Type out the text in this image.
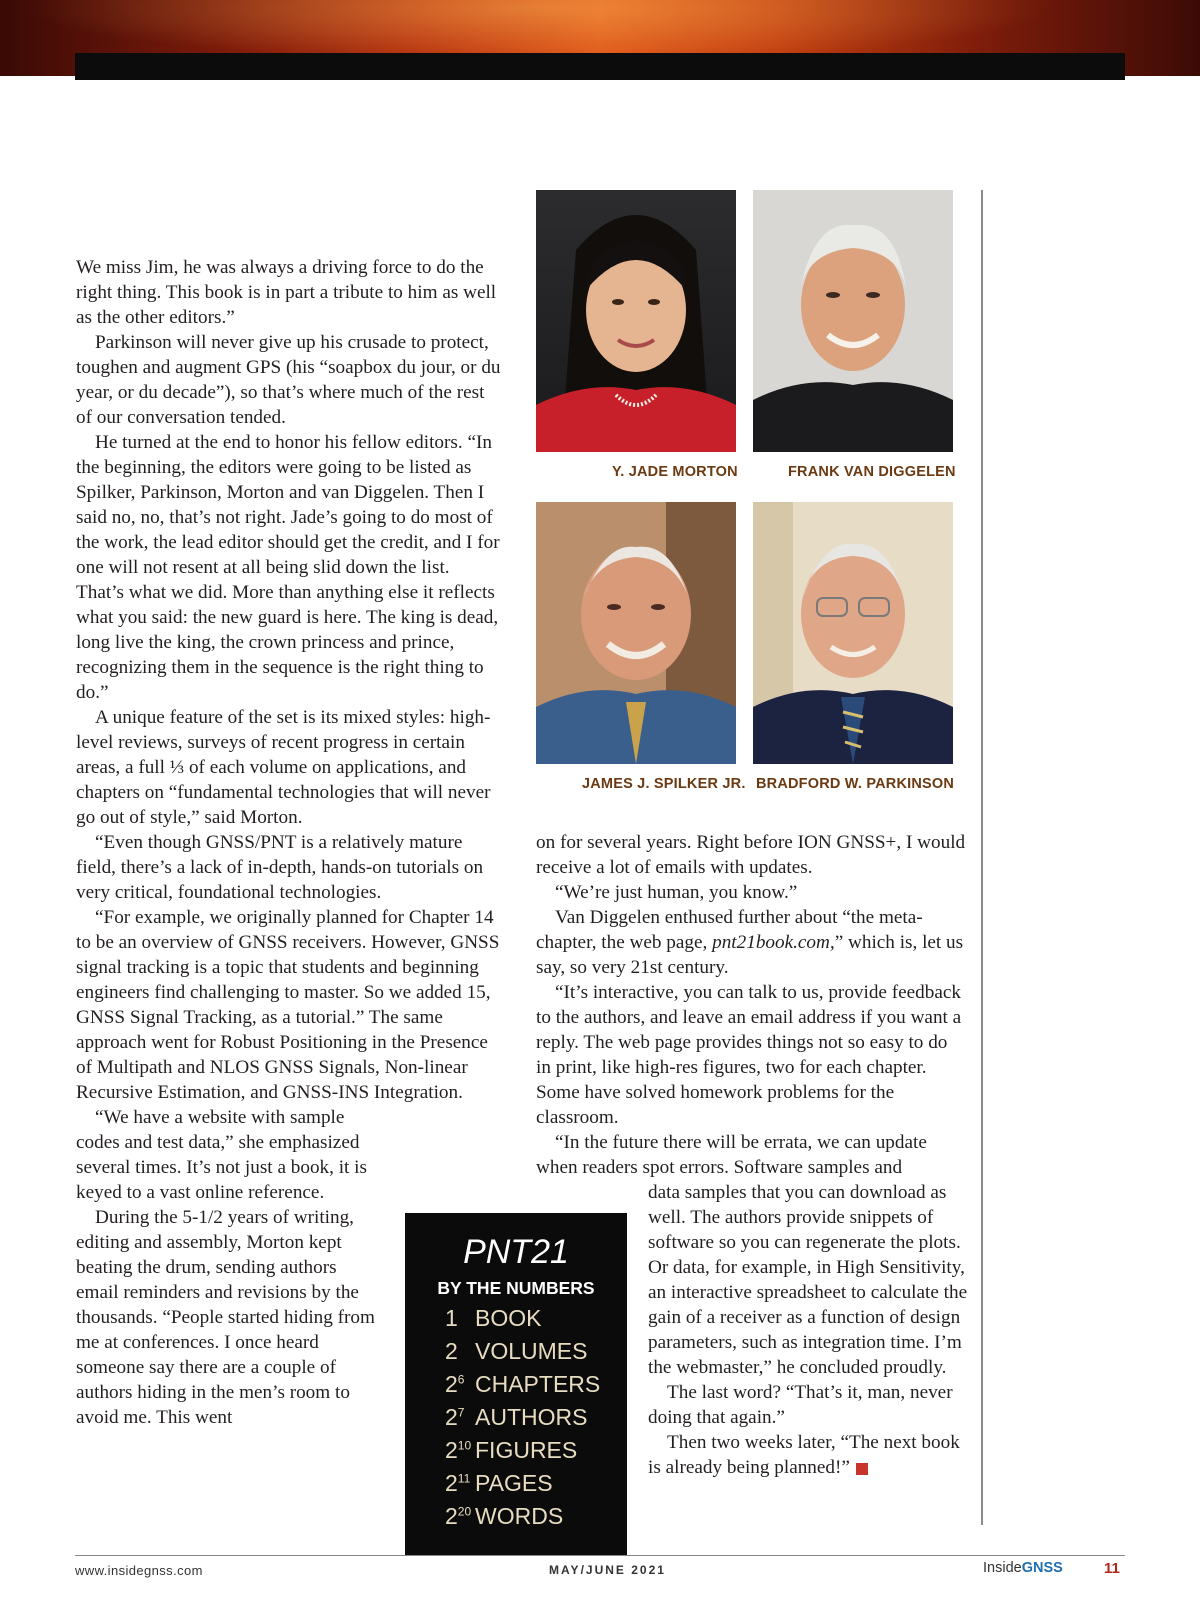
We miss Jim, he was always a driving force to do the right thing. This book is in part a tribute to him as well as the other editors.”

Parkinson will never give up his crusade to protect, toughen and augment GPS (his “soapbox du jour, or du year, or du decade”), so that’s where much of the rest of our conversation tended.

He turned at the end to honor his fellow editors. “In the beginning, the editors were going to be listed as Spilker, Parkinson, Morton and van Diggelen. Then I said no, no, that’s not right. Jade’s going to do most of the work, the lead editor should get the credit, and I for one will not resent at all being slid down the list. That’s what we did. More than anything else it reflects what you said: the new guard is here. The king is dead, long live the king, the crown princess and prince, recognizing them in the sequence is the right thing to do.”

A unique feature of the set is its mixed styles: high-level reviews, surveys of recent progress in certain areas, a full ⅓ of each volume on applications, and chapters on “fundamental technologies that will never go out of style,” said Morton.

“Even though GNSS/PNT is a relatively mature field, there’s a lack of in-depth, hands-on tutorials on very critical, foundational technologies.

“For example, we originally planned for Chapter 14 to be an overview of GNSS receivers. However, GNSS signal tracking is a topic that students and beginning engineers find challenging to master. So we added 15, GNSS Signal Tracking, as a tutorial.” The same approach went for Robust Positioning in the Presence of Multipath and NLOS GNSS Signals, Non-linear Recursive Estimation, and GNSS-INS Integration.

“We have a website with sample codes and test data,” she emphasized several times. It’s not just a book, it is keyed to a vast online reference.

During the 5-1/2 years of writing, editing and assembly, Morton kept beating the drum, sending authors email reminders and revisions by the thousands. “People started hiding from me at conferences. I once heard someone say there are a couple of authors hiding in the men’s room to avoid me. This went

Y. JADE MORTON	FRANK VAN DIGGELEN
JAMES J. SPILKER JR. BRADFORD W. PARKINSON

on for several years. Right before ION GNSS+, I would receive a lot of emails with updates.

“We’re just human, you know.”

Van Diggelen enthused further about “the meta-chapter, the web page, pnt21book.com,” which is, let us say, so very 21st century.

“It’s interactive, you can talk to us, provide feedback to the authors, and leave an email address if you want a reply. The web page provides things not so easy to do in print, like high-res figures, two for each chapter. Some have solved homework problems for the classroom.

“In the future there will be errata, we can update when readers spot errors. Software samples and

data samples that you can download as well. The authors provide snippets of software so you can regenerate the plots. Or data, for example, in High Sensitivity, an interactive spreadsheet to calculate the gain of a receiver as a function of design parameters, such as integration time. I’m the webmaster,” he concluded proudly.

The last word? “That’s it, man, never doing that again.”

Then two weeks later, “The next book is already being planned!”	IG

PNT21
BY THE NUMBERS
1 BOOK
2 VOLUMES
$2^6$ CHAPTERS
$2^7$ AUTHORS
$2^{10}$ FIGURES
$2^{11}$ PAGES
$2^{20}$ WORDS
www.insidegnss.com	MAY/JUNE 2021	InsideGNSS	11
